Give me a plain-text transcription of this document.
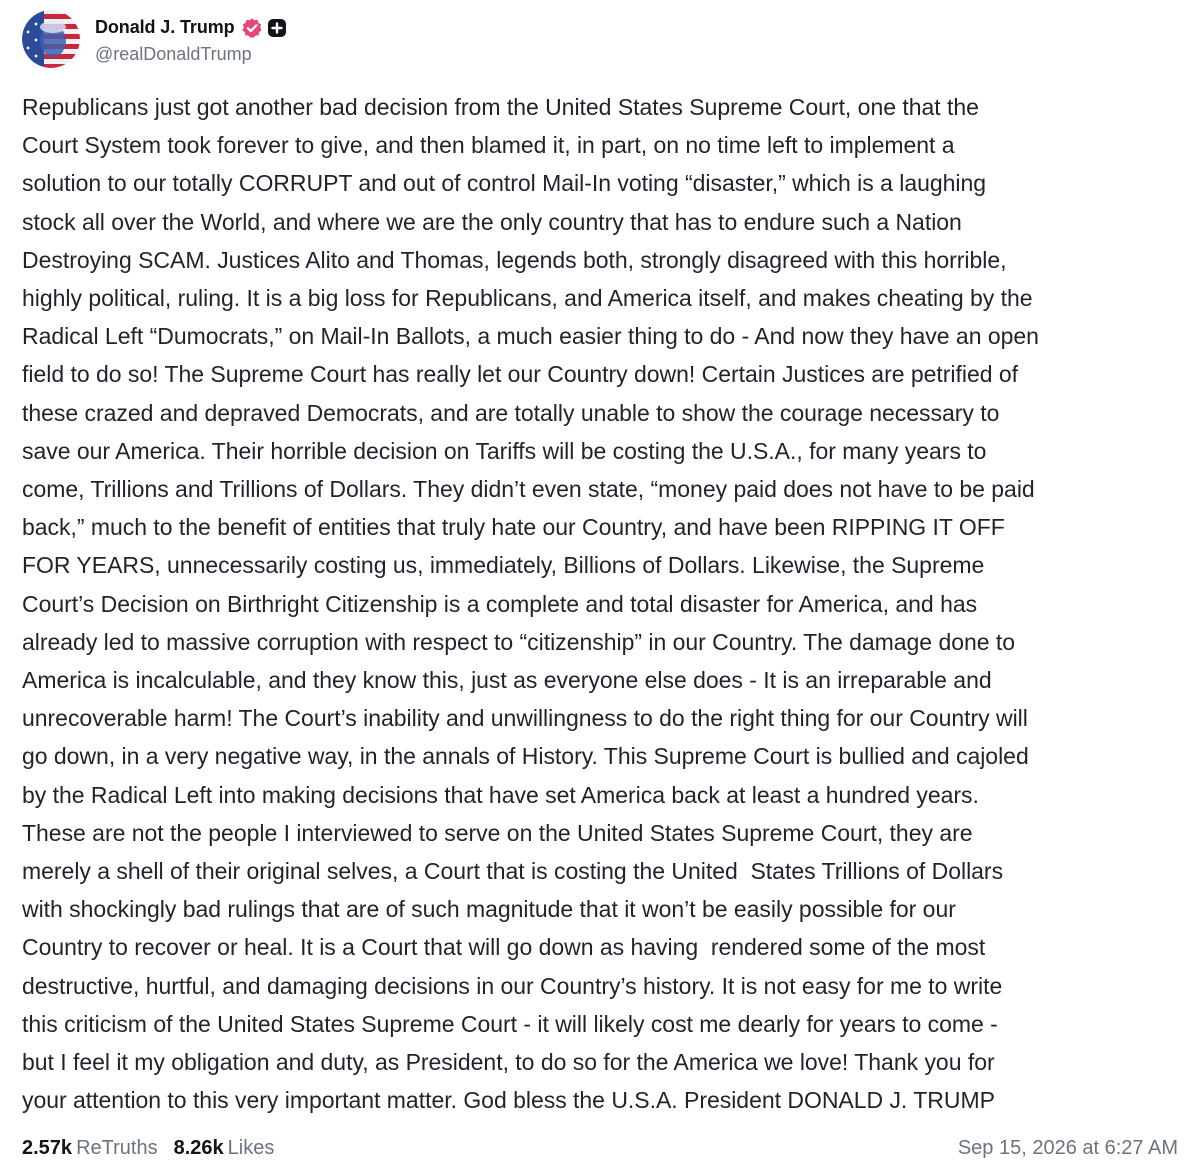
Donald J. Trump
@realDonaldTrump
Republicans just got another bad decision from the United States Supreme Court, one that the
Court System took forever to give, and then blamed it, in part, on no time left to implement a
solution to our totally CORRUPT and out of control Mail-In voting “disaster,” which is a laughing
stock all over the World, and where we are the only country that has to endure such a Nation
Destroying SCAM. Justices Alito and Thomas, legends both, strongly disagreed with this horrible,
highly political, ruling. It is a big loss for Republicans, and America itself, and makes cheating by the
Radical Left “Dumocrats,” on Mail-In Ballots, a much easier thing to do - And now they have an open
field to do so! The Supreme Court has really let our Country down! Certain Justices are petrified of
these crazed and depraved Democrats, and are totally unable to show the courage necessary to
save our America. Their horrible decision on Tariffs will be costing the U.S.A., for many years to
come, Trillions and Trillions of Dollars. They didn’t even state, “money paid does not have to be paid
back,” much to the benefit of entities that truly hate our Country, and have been RIPPING IT OFF
FOR YEARS, unnecessarily costing us, immediately, Billions of Dollars. Likewise, the Supreme
Court’s Decision on Birthright Citizenship is a complete and total disaster for America, and has
already led to massive corruption with respect to “citizenship” in our Country. The damage done to
America is incalculable, and they know this, just as everyone else does - It is an irreparable and
unrecoverable harm! The Court’s inability and unwillingness to do the right thing for our Country will
go down, in a very negative way, in the annals of History. This Supreme Court is bullied and cajoled
by the Radical Left into making decisions that have set America back at least a hundred years.
These are not the people I interviewed to serve on the United States Supreme Court, they are
merely a shell of their original selves, a Court that is costing the United  States Trillions of Dollars
with shockingly bad rulings that are of such magnitude that it won’t be easily possible for our
Country to recover or heal. It is a Court that will go down as having  rendered some of the most
destructive, hurtful, and damaging decisions in our Country’s history. It is not easy for me to write
this criticism of the United States Supreme Court - it will likely cost me dearly for years to come -
but I feel it my obligation and duty, as President, to do so for the America we love! Thank you for
your attention to this very important matter. God bless the U.S.A. President DONALD J. TRUMP
2.57k ReTruths 8.26k Likes	Sep 15, 2026 at 6:27 AM
